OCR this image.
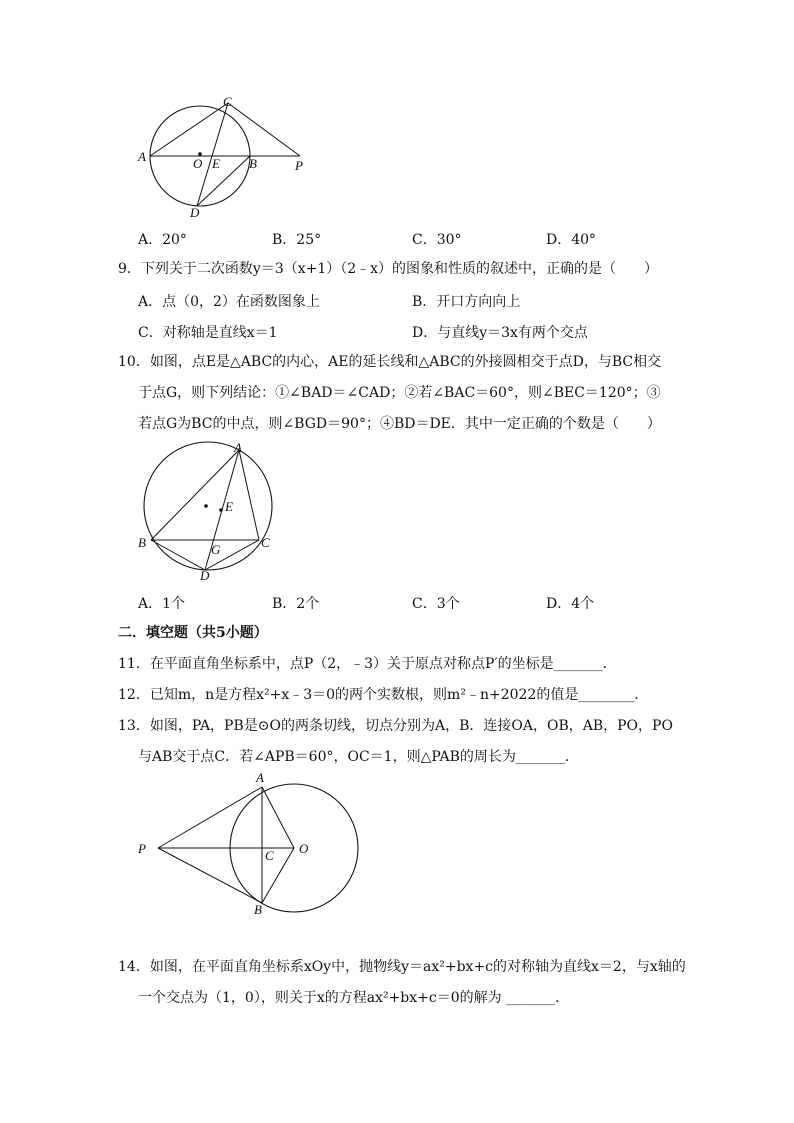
A
C
O E B	P
D
A．20°	B．25°	C．30°	D．40°
9．下列关于二次函数y＝3（x+1）（2﹣x）的图象和性质的叙述中，正确的是（　　）
A．点（0，2）在函数图象上	B．开口方向向上
C．对称轴是直线x＝1	D．与直线y＝3x有两个交点
10．如图，点E是△ABC的内心，AE的延长线和△ABC的外接圆相交于点D，与BC相交
于点G，则下列结论：①∠BAD＝∠CAD；②若∠BAC＝60°，则∠BEC＝120°；③
若点G为BC的中点，则∠BGD＝90°；④BD＝DE．其中一定正确的个数是（　　）
A
E
B	G	C
D
A．1个	B．2个	C．3个	D．4个
二．填空题（共5小题）
11．在平面直角坐标系中，点P（2，﹣3）关于原点对称点P′的坐标是_______．
12．已知m，n是方程x²+x﹣3＝0的两个实数根，则m²﹣n+2022的值是________．
13．如图，PA，PB是⊙O的两条切线，切点分别为A，B．连接OA，OB，AB，PO，PO
与AB交于点C．若∠APB＝60°，OC＝1，则△PAB的周长为_______．
A
P	C O
B
14．如图，在平面直角坐标系xOy中，抛物线y＝ax²+bx+c的对称轴为直线x＝2，与x轴的
一个交点为（1，0），则关于x的方程ax²+bx+c＝0的解为 _______．
